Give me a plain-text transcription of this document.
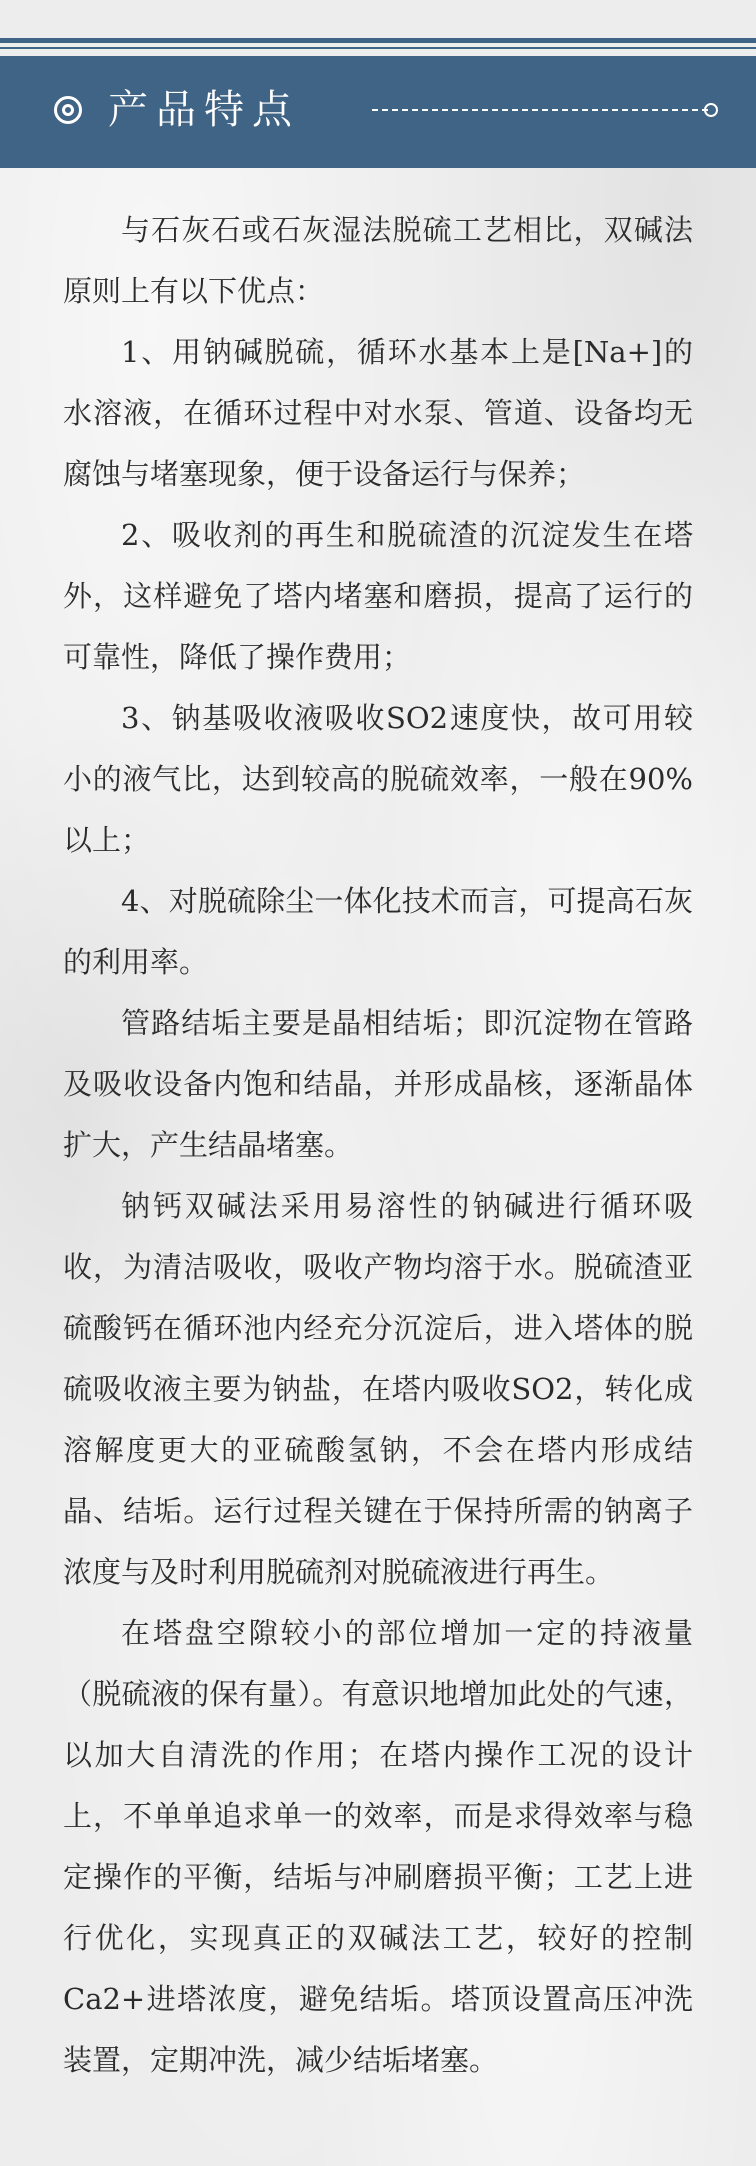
产品特点

与石灰石或石灰湿法脱硫工艺相比，双碱法原则上有以下优点：

1、用钠碱脱硫，循环水基本上是[Na+]的水溶液，在循环过程中对水泵、管道、设备均无腐蚀与堵塞现象，便于设备运行与保养；

2、吸收剂的再生和脱硫渣的沉淀发生在塔外，这样避免了塔内堵塞和磨损，提高了运行的可靠性，降低了操作费用；

3、钠基吸收液吸收SO2速度快，故可用较小的液气比，达到较高的脱硫效率，一般在90%以上；

4、对脱硫除尘一体化技术而言，可提高石灰的利用率。

管路结垢主要是晶相结垢；即沉淀物在管路及吸收设备内饱和结晶，并形成晶核，逐渐晶体扩大，产生结晶堵塞。

钠钙双碱法采用易溶性的钠碱进行循环吸收，为清洁吸收，吸收产物均溶于水。脱硫渣亚硫酸钙在循环池内经充分沉淀后，进入塔体的脱硫吸收液主要为钠盐，在塔内吸收SO2，转化成溶解度更大的亚硫酸氢钠，不会在塔内形成结晶、结垢。运行过程关键在于保持所需的钠离子浓度与及时利用脱硫剂对脱硫液进行再生。

在塔盘空隙较小的部位增加一定的持液量（脱硫液的保有量）。有意识地增加此处的气速，以加大自清洗的作用；在塔内操作工况的设计上，不单单追求单一的效率，而是求得效率与稳定操作的平衡，结垢与冲刷磨损平衡；工艺上进行优化，实现真正的双碱法工艺，较好的控制Ca2+进塔浓度，避免结垢。塔顶设置高压冲洗装置，定期冲洗，减少结垢堵塞。
